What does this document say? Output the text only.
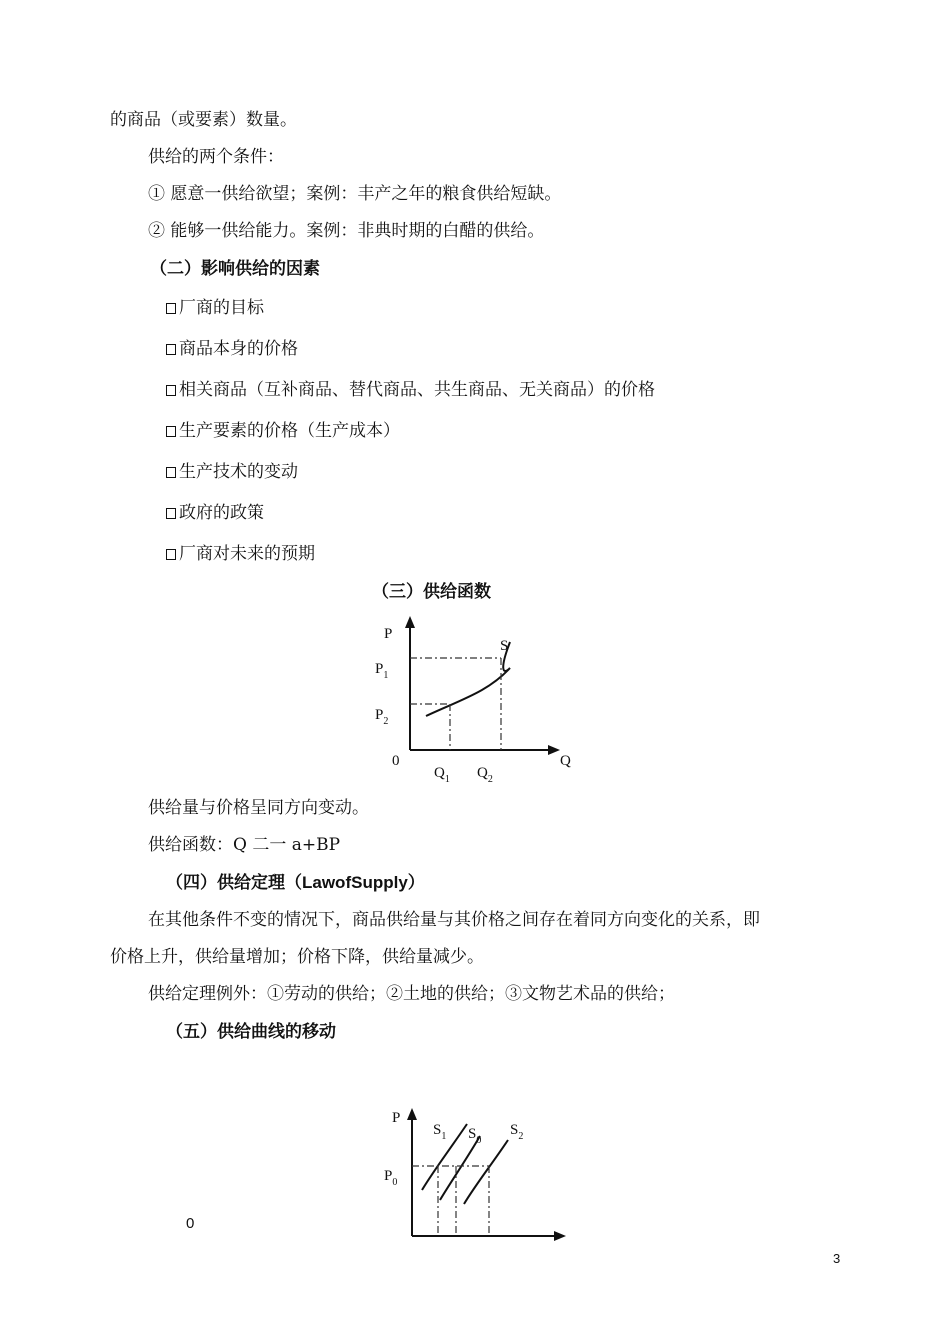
的商品（或要素）数量。
供给的两个条件：
① 愿意一供给欲望；案例：丰产之年的粮食供给短缺。
② 能够一供给能力。案例：非典时期的白醋的供给。
（二）影响供给的因素
厂商的目标
商品本身的价格
相关商品（互补商品、替代商品、共生商品、无关商品）的价格
生产要素的价格（生产成本）
生产技术的变动
政府的政策
厂商对未来的预期
（三）供给函数
P
S
$P_1$
$P_2$
0	Q
$Q_1$ $Q_2$
供给量与价格呈同方向变动。
供给函数：Q 二一 a+BP
（四）供给定理（LawofSupply）
在其他条件不变的情况下，商品供给量与其价格之间存在着同方向变化的关系，即
价格上升，供给量增加；价格下降，供给量减少。
供给定理例外：①劳动的供给；②土地的供给；③文物艺术品的供给；
（五）供给曲线的移动
0
P
$S_1$ $S_0$
$S_2$
$P_0$
3
